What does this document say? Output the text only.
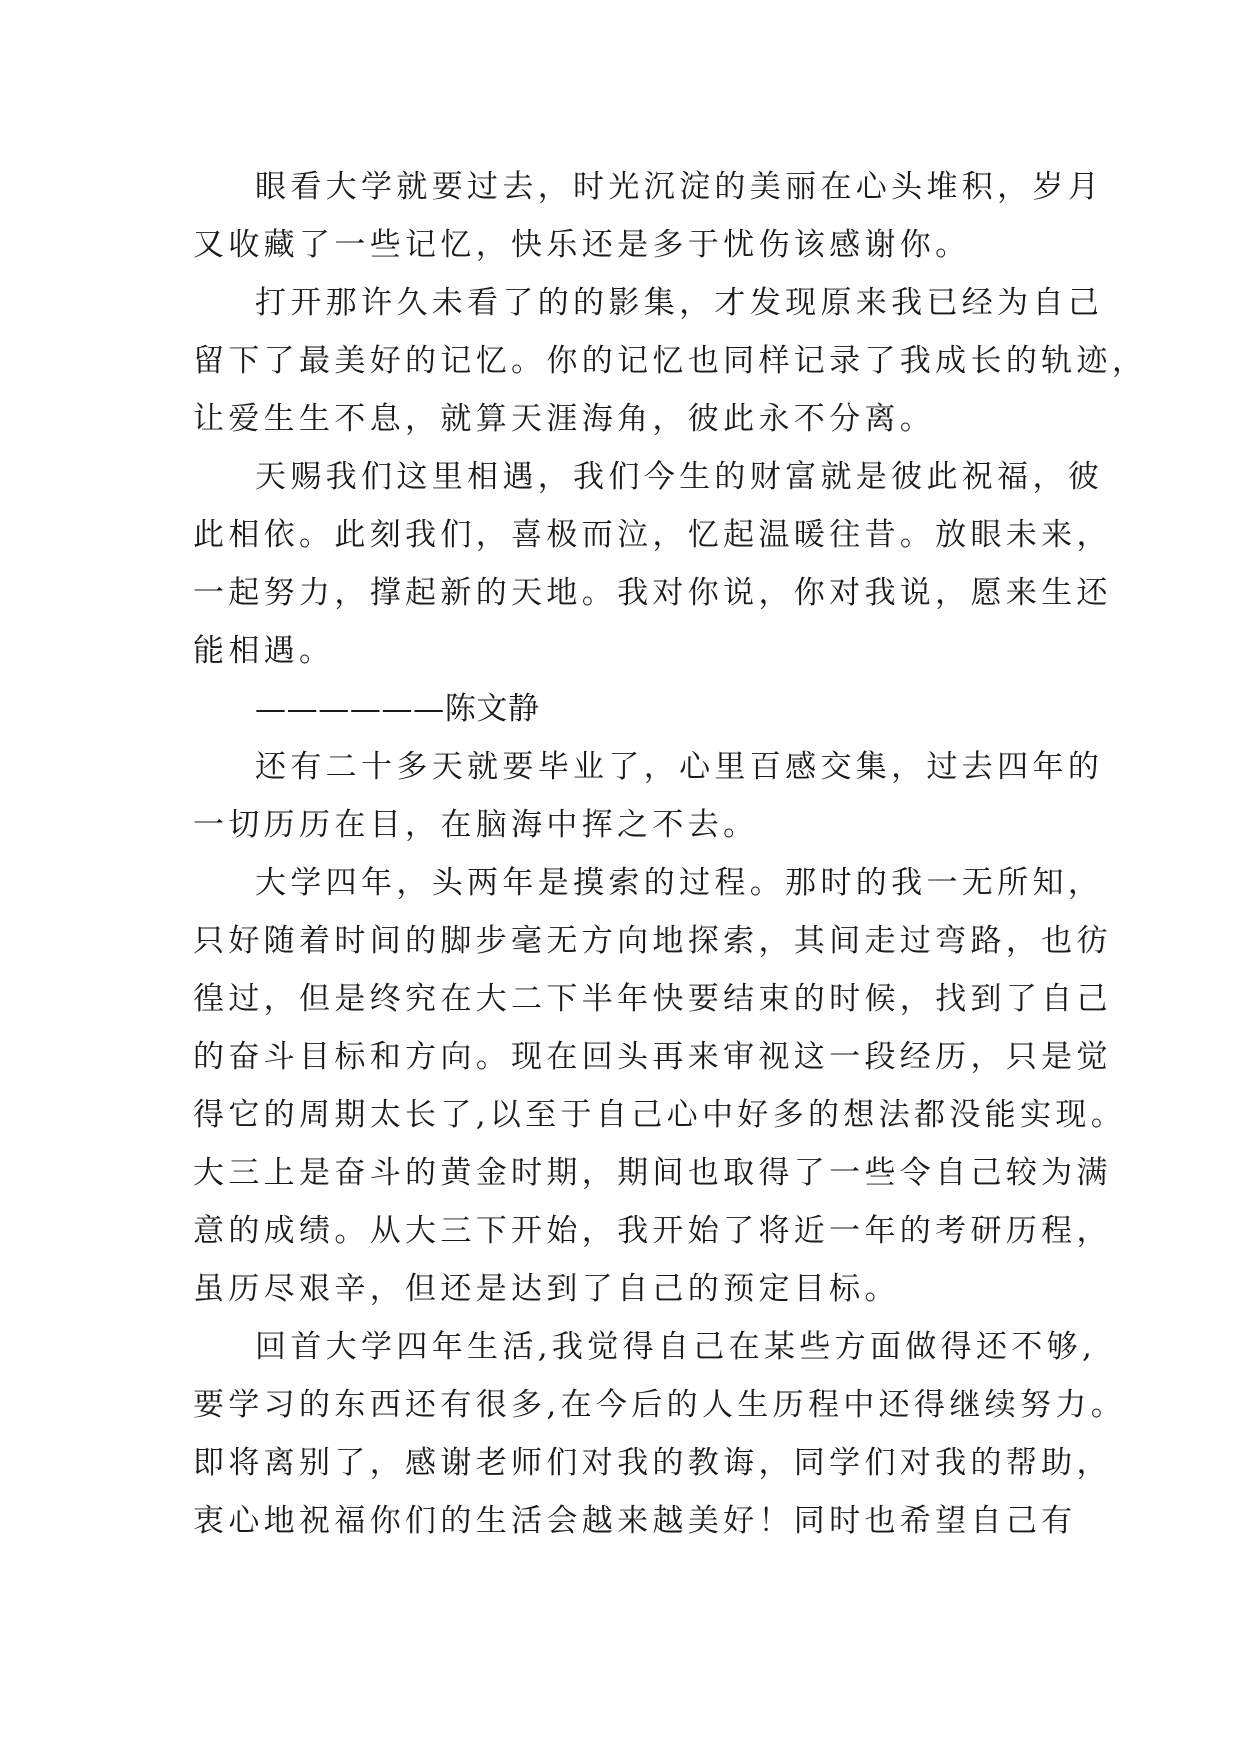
眼看大学就要过去，时光沉淀的美丽在心头堆积，岁月
又收藏了一些记忆，快乐还是多于忧伤该感谢你。
打开那许久未看了的的影集，才发现原来我已经为自己
留下了最美好的记忆。你的记忆也同样记录了我成长的轨迹，
让爱生生不息，就算天涯海角，彼此永不分离。
天赐我们这里相遇，我们今生的财富就是彼此祝福，彼
此相依。此刻我们，喜极而泣，忆起温暖往昔。放眼未来，
一起努力，撑起新的天地。我对你说，你对我说，愿来生还
能相遇。
——————陈文静
还有二十多天就要毕业了，心里百感交集，过去四年的
一切历历在目，在脑海中挥之不去。
大学四年，头两年是摸索的过程。那时的我一无所知，
只好随着时间的脚步毫无方向地探索，其间走过弯路，也彷
徨过，但是终究在大二下半年快要结束的时候，找到了自己
的奋斗目标和方向。现在回头再来审视这一段经历，只是觉
得它的周期太长了,以至于自己心中好多的想法都没能实现。
大三上是奋斗的黄金时期，期间也取得了一些令自己较为满
意的成绩。从大三下开始，我开始了将近一年的考研历程，
虽历尽艰辛，但还是达到了自己的预定目标。
回首大学四年生活,我觉得自己在某些方面做得还不够,
要学习的东西还有很多,在今后的人生历程中还得继续努力。
即将离别了，感谢老师们对我的教诲，同学们对我的帮助，
衷心地祝福你们的生活会越来越美好！同时也希望自己有
